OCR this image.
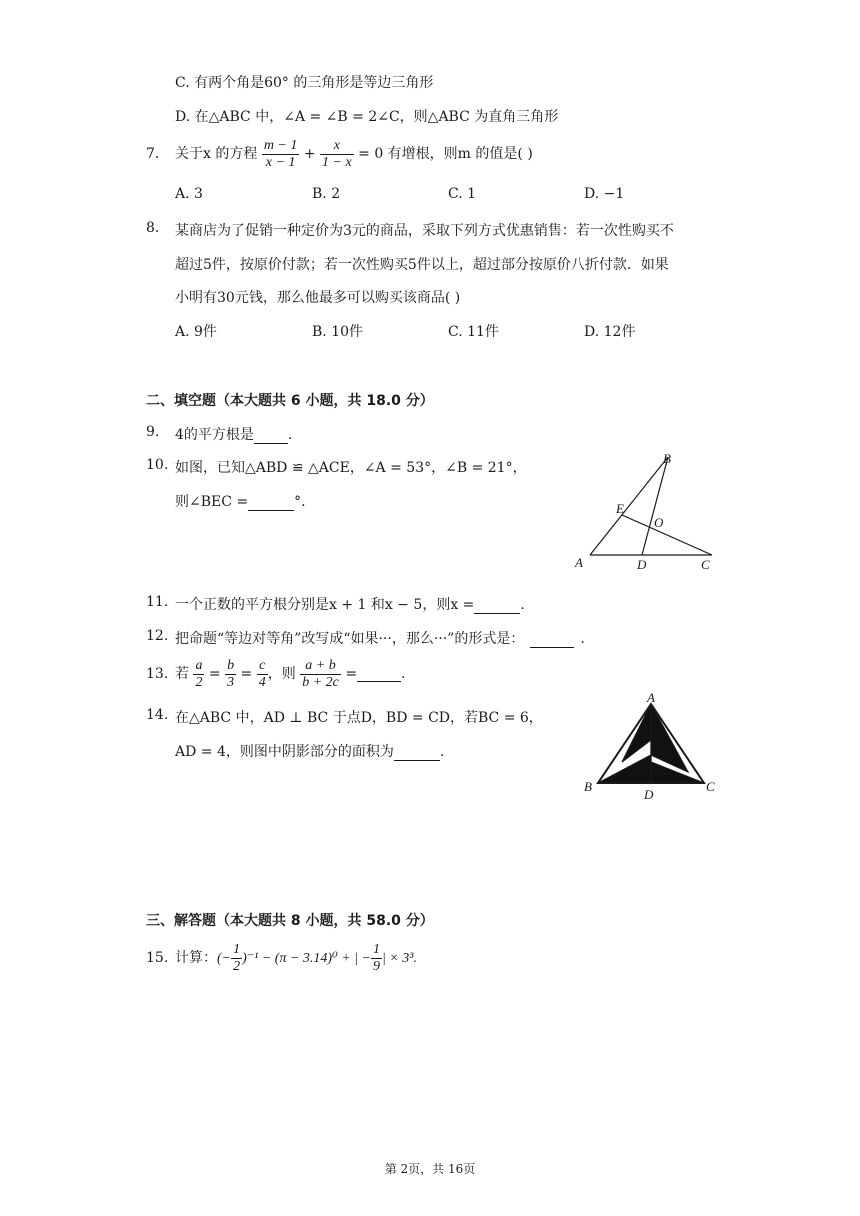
C. 有两个角是60° 的三角形是等边三角形
D. 在△ABC 中，∠A = ∠B = 2∠C，则△ABC 为直角三角形
7. 关于x 的方程 $\frac{m - 1}{x - 1} + \frac{x}{1 - x} = 0$ 有增根，则m 的值是( )
A. 3	B. 2	C. 1	D. −1
8. 某商店为了促销一种定价为3元的商品，采取下列方式优惠销售：若一次性购买不
超过5件，按原价付款；若一次性购买5件以上，超过部分按原价八折付款．如果
小明有30元钱，那么他最多可以购买该商品( )
A. 9件	B. 10件	C. 11件	D. 12件
二、填空题（本大题共 6 小题，共 18.0 分）
9. 4的平方根是 .
10. 如图，已知△ABD ≌ △ACE，∠A = 53°，∠B = 21°，
则∠BEC =	°.
B
E
O
A	D	C
11. 一个正数的平方根分别是x + 1 和x − 5，则x =	.
12. 把命题“等边对等角”改写成“如果···，那么···”的形式是：	.
13. 若 $\frac{a}{2} = \frac{b}{3} = \frac{c}{4}$ ，则 $\frac{a + b}{b + 2c}$ =	.
14. 在△ABC 中，AD ⊥ BC 于点D，BD = CD，若BC = 6，
AD = 4，则图中阴影部分的面积为	.
A
B
D
C
三、解答题（本大题共 8 小题，共 58.0 分）
15. 计算：(− $\frac{1}{2} )^{-1} - (\pi - 3.14)^0$ + | − $\frac{1}{9}$ | × 3³.
第 2页，共 16页
